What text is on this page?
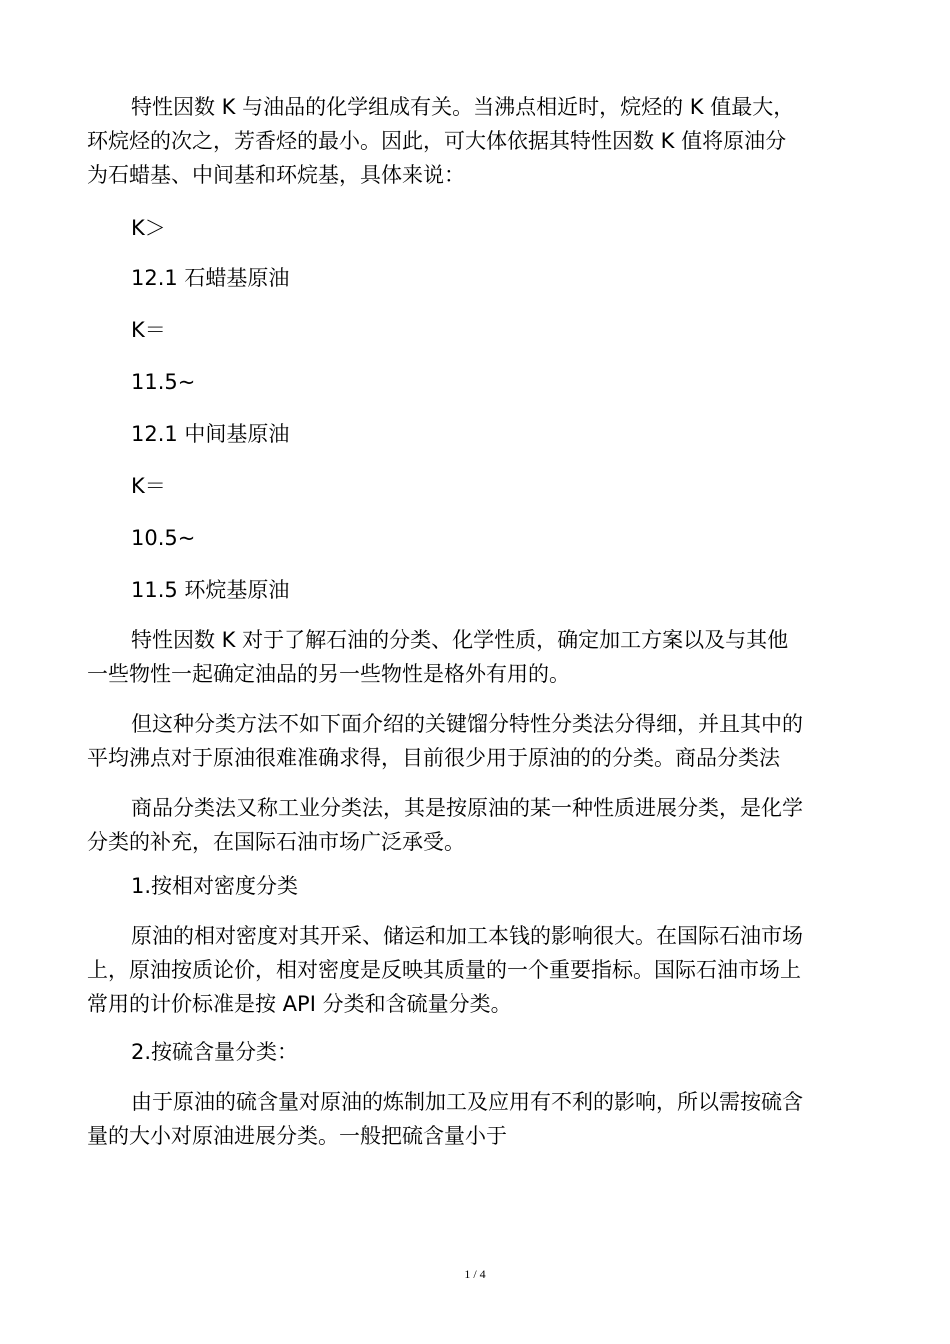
特性因数 K 与油品的化学组成有关。当沸点相近时，烷烃的 K 值最大，
环烷烃的次之，芳香烃的最小。因此，可大体依据其特性因数 K 值将原油分
为石蜡基、中间基和环烷基，具体来说：
K＞
12.1 石蜡基原油
K＝
11.5~
12.1 中间基原油
K＝
10.5~
11.5 环烷基原油
特性因数 K 对于了解石油的分类、化学性质，确定加工方案以及与其他
一些物性一起确定油品的另一些物性是格外有用的。
但这种分类方法不如下面介绍的关键馏分特性分类法分得细，并且其中的
平均沸点对于原油很难准确求得，目前很少用于原油的的分类。商品分类法
商品分类法又称工业分类法，其是按原油的某一种性质进展分类，是化学
分类的补充，在国际石油市场广泛承受。
1.按相对密度分类
原油的相对密度对其开采、储运和加工本钱的影响很大。在国际石油市场
上，原油按质论价，相对密度是反映其质量的一个重要指标。国际石油市场上
常用的计价标准是按 API 分类和含硫量分类。
2.按硫含量分类：
由于原油的硫含量对原油的炼制加工及应用有不利的影响，所以需按硫含
量的大小对原油进展分类。一般把硫含量小于
1 / 4
